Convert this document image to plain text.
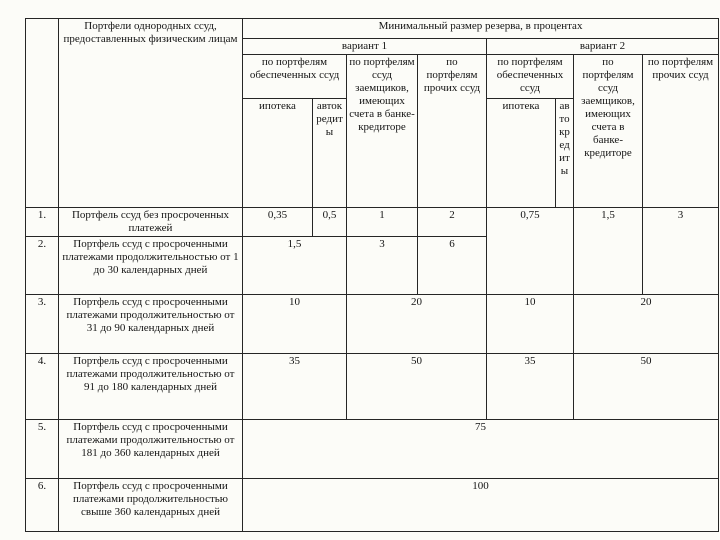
	Портфели однородных ссуд, предоставленных физическим лицам	Минимальный размер резерва, в процентах							
		вариант 1				вариант 2			
		по портфелям обеспеченных ссуд		по портфелям ссуд заемщиков, имеющих счета в банке-кредиторе	по портфелям прочих ссуд	по портфелям обеспеченных ссуд		по портфелям ссуд заемщиков, имеющих счета в банке-кредиторе	по портфелям прочих ссуд
		ипотека	автокредиты			ипотека	автокредиты		
1.	Портфель ссуд без просроченных платежей	0,35	0,5	1	2	0,75		1,5	3
2.	Портфель ссуд с просроченными платежами продолжительностью от 1 до 30 календарных дней	1,5		3	6				
3.	Портфель ссуд с просроченными платежами продолжительностью от 31 до 90 календарных дней	10		20		10		20	
4.	Портфель ссуд с просроченными платежами продолжительностью от 91 до 180 календарных дней	35		50		35		50	
5.	Портфель ссуд с просроченными платежами продолжительностью от 181 до 360 календарных дней	75							
6.	Портфель ссуд с просроченными платежами продолжительностью свыше 360 календарных дней	100							
